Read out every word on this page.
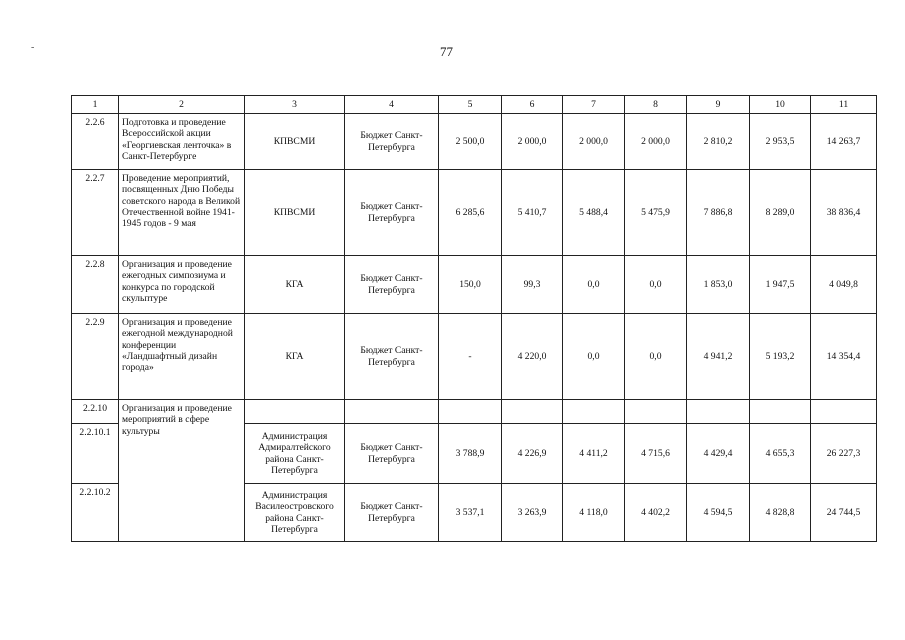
-	77
1	2	3	4	5	6	7	8	9	10	11
2.2.6	Подготовка и проведение Всероссийской акции «Георгиевская ленточка» в Санкт-Петербурге	КПВСМИ	Бюджет Санкт-Петербурга	2 500,0	2 000,0	2 000,0	2 000,0	2 810,2	2 953,5	14 263,7
2.2.7	Проведение мероприятий, посвященных Дню Победы советского народа в Великой Отечественной войне 1941-1945 годов - 9 мая	КПВСМИ	Бюджет Санкт-Петербурга	6 285,6	5 410,7	5 488,4	5 475,9	7 886,8	8 289,0	38 836,4
2.2.8	Организация и проведение ежегодных симпозиума и конкурса по городской скульптуре	КГА	Бюджет Санкт-Петербурга	150,0	99,3	0,0	0,0	1 853,0	1 947,5	4 049,8
2.2.9	Организация и проведение ежегодной международной конференции «Ландшафтный дизайн города»	КГА	Бюджет Санкт-Петербурга	-	4 220,0	0,0	0,0	4 941,2	5 193,2	14 354,4
2.2.10	Организация и проведение мероприятий в сфере культуры									
2.2.10.1		Администрация Адмиралтейского района Санкт-Петербурга	Бюджет Санкт-Петербурга	3 788,9	4 226,9	4 411,2	4 715,6	4 429,4	4 655,3	26 227,3
2.2.10.2		Администрация Василеостровского района Санкт-Петербурга	Бюджет Санкт-Петербурга	3 537,1	3 263,9	4 118,0	4 402,2	4 594,5	4 828,8	24 744,5
